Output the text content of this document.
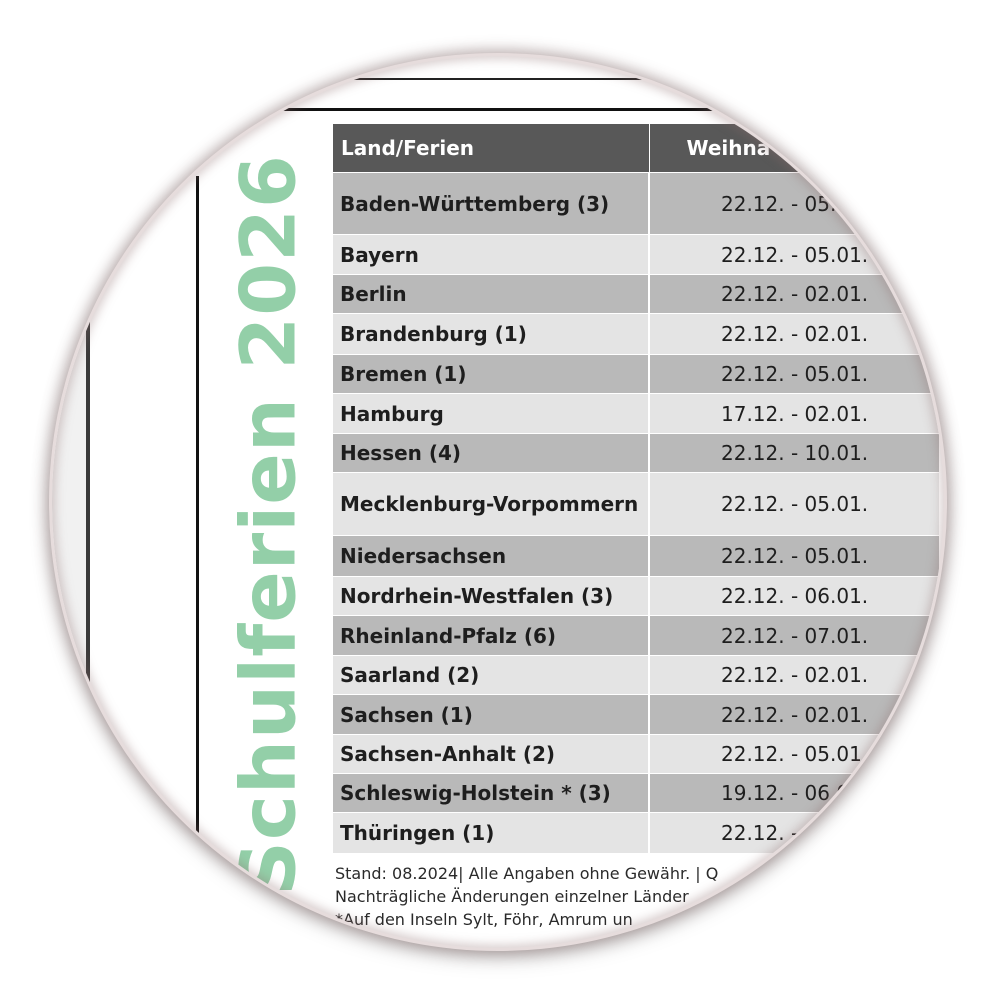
Schulferien 2026
Land/Ferien	Weihna
Baden-Württemberg (3)	22.12. - 05.
Bayern	22.12. - 05.01.
Berlin	22.12. - 02.01.
Brandenburg (1)	22.12. - 02.01.
Bremen (1)	22.12. - 05.01.
Hamburg	17.12. - 02.01.
Hessen (4)	22.12. - 10.01.
Mecklenburg-Vorpommern	22.12. - 05.01.
Niedersachsen	22.12. - 05.01.
Nordrhein-Westfalen (3)	22.12. - 06.01.
Rheinland-Pfalz (6)	22.12. - 07.01.
Saarland (2)	22.12. - 02.01.
Sachsen (1)	22.12. - 02.01.
Sachsen-Anhalt (2)	22.12. - 05.01
Schleswig-Holstein * (3)	19.12. - 06.0
Thüringen (1)	22.12. -
Stand: 08.2024| Alle Angaben ohne Gewähr. | Q
Nachträgliche Änderungen einzelner Länder
*Auf den Inseln Sylt, Föhr, Amrum un
